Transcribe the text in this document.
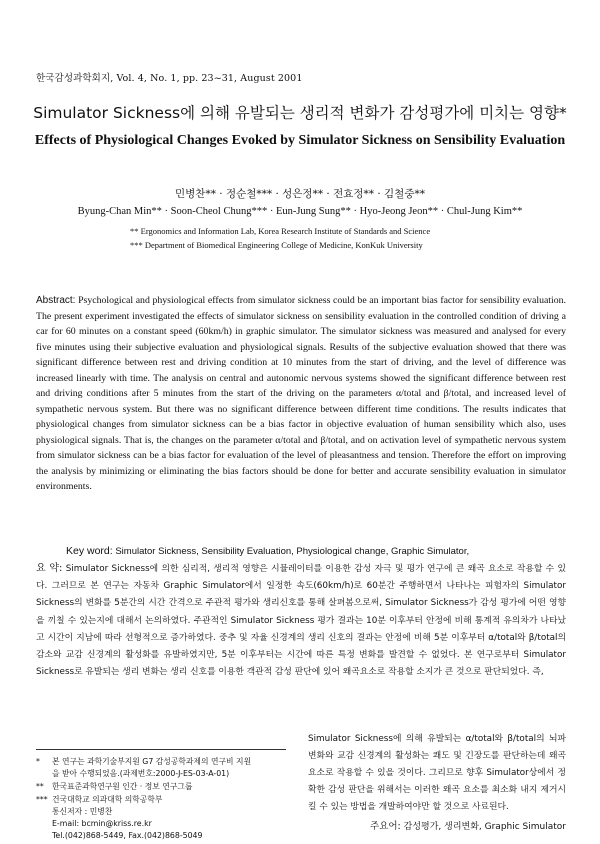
한국감성과학회지, Vol. 4, No. 1, pp. 23~31, August 2001
Simulator Sickness에 의해 유발되는 생리적 변화가 감성평가에 미치는 영향*
Effects of Physiological Changes Evoked by Simulator Sickness on Sensibility Evaluation
민병찬** · 정순철*** · 성은정** · 전효정** · 김철중**
Byung-Chan Min** · Soon-Cheol Chung*** · Eun-Jung Sung** · Hyo-Jeong Jeon** · Chul-Jung Kim**
** Ergonomics and Information Lab, Korea Research Institute of Standards and Science
*** Department of Biomedical Engineering College of Medicine, KonKuk University

Abstract: Psychological and physiological effects from simulator sickness could be an important bias factor for sensibility evaluation. The present experiment investigated the effects of simulator sickness on sensibility evaluation in the controlled condition of driving a car for 60 minutes on a constant speed (60km/h) in graphic simulator. The simulator sickness was measured and analysed for every five minutes using their subjective evaluation and physiological signals. Results of the subjective evaluation showed that there was significant difference between rest and driving condition at 10 minutes from the start of driving, and the level of difference was increased linearly with time. The analysis on central and autonomic nervous systems showed the significant difference between rest and driving conditions after 5 minutes from the start of the driving on the parameters α/total and β/total, and increased level of sympathetic nervous system. But there was no significant difference between different time conditions. The results indicates that physiological changes from simulator sickness can be a bias factor in objective evaluation of human sensibility which also, uses physiological signals. That is, the changes on the parameter α/total and β/total, and on activation level of sympathetic nervous system from simulator sickness can be a bias factor for evaluation of the level of pleasantness and tension. Therefore the effort on improving the analysis by minimizing or eliminating the bias factors should be done for better and accurate sensibility evaluation in simulator environments.

Key word: Simulator Sickness, Sensibility Evaluation, Physiological change, Graphic Simulator,

요 약: Simulator Sickness에 의한 심리적, 생리적 영향은 시뮬레이터를 이용한 감성 자극 및 평가 연구에 큰 왜곡 요소로 작용할 수 있다. 그러므로 본 연구는 자동차 Graphic Simulator에서 일정한 속도(60km/h)로 60분간 주행하면서 나타나는 피험자의 Simulator Sickness의 변화를 5분간의 시간 간격으로 주관적 평가와 생리신호를 통해 살펴봄으로써, Simulator Sickness가 감성 평가에 어떤 영향을 끼칠 수 있는지에 대해서 논의하였다. 주관적인 Simulator Sickness 평가 결과는 10분 이후부터 안정에 비해 통계적 유의차가 나타났고 시간이 지남에 따라 선형적으로 증가하였다. 중추 및 자율 신경계의 생리 신호의 결과는 안정에 비해 5분 이후부터 α/total와 β/total의 감소와 교감 신경계의 활성화를 유발하였지만, 5분 이후부터는 시간에 따른 특정 변화를 발견할 수 없었다. 본 연구로부터 Simulator Sickness로 유발되는 생리 변화는 생리 신호를 이용한 객관적 감성 판단에 있어 왜곡요소로 작용할 소지가 큰 것으로 판단되었다. 즉,

* 본 연구는 과학기술부지원 G7 감성공학과제의 연구비 지원
을 받아 수행되었음.(과제번호:2000-J-ES-03-A-01)
** 한국표준과학연구원 인간 · 정보 연구그룹
*** 건국대학교 의과대학 의학공학부
통신저자 : 민병찬
E-mail: bcmin@kriss.re.kr
Tel.(042)868-5449, Fax.(042)868-5049

Simulator Sickness에 의해 유발되는 α/total와 β/total의 뇌파 변화와 교감 신경계의 활성화는 쾌도 및 긴장도를 판단하는데 왜곡 요소로 작용할 수 있을 것이다. 그리므로 향후 Simulator상에서 정확한 감성 판단을 위해서는 이러한 왜곡 요소를 최소화 내지 제거시킬 수 있는 방법을 개발하여야만 할 것으로 사료된다.

주요어: 감성평가, 생리변화, Graphic Simulator
